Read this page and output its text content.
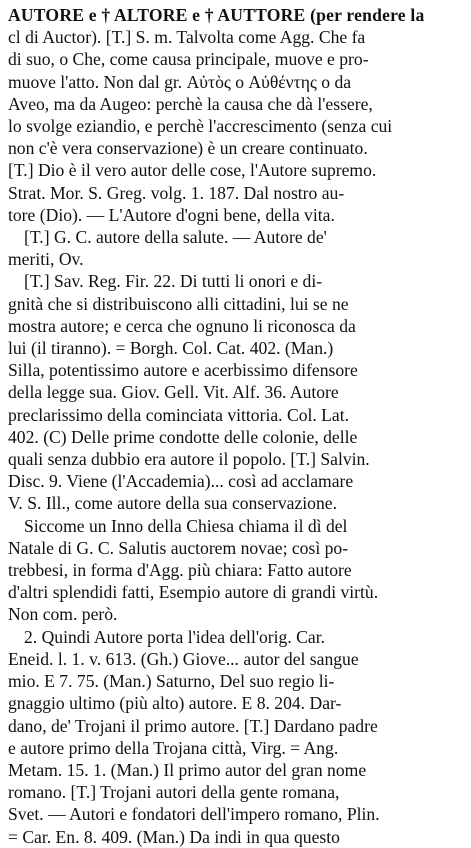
AUTORE e † ALTORE e † AUTTORE (per rendere la
cl di Auctor). [T.] S. m. Talvolta come Agg. Che fa
di suo, o Che, come causa principale, muove e pro-
muove l'atto. Non dal gr. Αὐτὸς o Αὐθέντης o da
Aveo, ma da Augeo: perchè la causa che dà l'essere,
lo svolge eziandio, e perchè l'accrescimento (senza cui
non c'è vera conservazione) è un creare continuato.
[T.] Dio è il vero autor delle cose, l'Autore supremo.
Strat. Mor. S. Greg. volg. 1. 187. Dal nostro au-
tore (Dio). — L'Autore d'ogni bene, della vita.
[T.] G. C. autore della salute. — Autore de'
meriti, Ov.
[T.] Sav. Reg. Fir. 22. Di tutti li onori e di-
gnità che si distribuiscono alli cittadini, lui se ne
mostra autore; e cerca che ognuno li riconosca da
lui (il tiranno). = Borgh. Col. Cat. 402. (Man.)
Silla, potentissimo autore e acerbissimo difensore
della legge sua. Giov. Gell. Vit. Alf. 36. Autore
preclarissimo della cominciata vittoria. Col. Lat.
402. (C) Delle prime condotte delle colonie, delle
quali senza dubbio era autore il popolo. [T.] Salvin.
Disc. 9. Viene (l'Accademia)... così ad acclamare
V. S. Ill., come autore della sua conservazione.
Siccome un Inno della Chiesa chiama il dì del
Natale di G. C. Salutis auctorem novae; così po-
trebbesi, in forma d'Agg. più chiara: Fatto autore
d'altri splendidi fatti, Esempio autore di grandi virtù.
Non com. però.
2. Quindi Autore porta l'idea dell'orig. Car.
Eneid. l. 1. v. 613. (Gh.) Giove... autor del sangue
mio. E 7. 75. (Man.) Saturno, Del suo regio li-
gnaggio ultimo (più alto) autore. E 8. 204. Dar-
dano, de' Trojani il primo autore. [T.] Dardano padre
e autore primo della Trojana città, Virg. = Ang.
Metam. 15. 1. (Man.) Il primo autor del gran nome
romano. [T.] Trojani autori della gente romana,
Svet. — Autori e fondatori dell'impero romano, Plin.
= Car. En. 8. 409. (Man.) Da indi in qua questo
